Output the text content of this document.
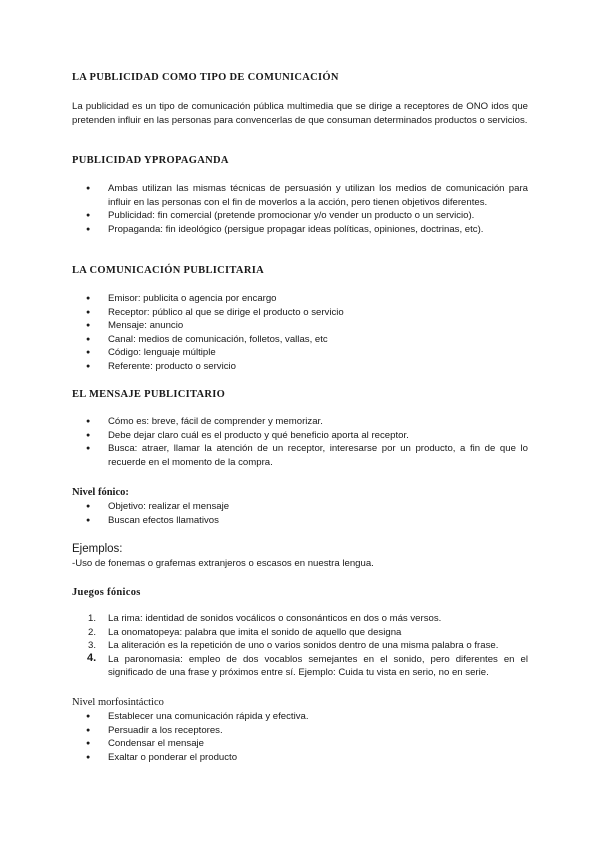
LA PUBLICIDAD COMO TIPO DE COMUNICACIÓN

La publicidad es un tipo de comunicación pública multimedia que se dirige a receptores de ONO idos que pretenden influir en las personas para convencerlas de que consuman determinados productos o servicios.

PUBLICIDAD YPROPAGANDA
● Ambas utilizan las mismas técnicas de persuasión y utilizan los medios de comunicación para influir en las personas con el fin de moverlos a la acción, pero tienen objetivos diferentes.
● Publicidad: fin comercial (pretende promocionar y/o vender un producto o un servicio).
● Propaganda: fin ideológico (persigue propagar ideas políticas, opiniones, doctrinas, etc).
LA COMUNICACIÓN PUBLICITARIA
● Emisor: publicita o agencia por encargo
● Receptor: público al que se dirige el producto o servicio
● Mensaje: anuncio
● Canal: medios de comunicación, folletos, vallas, etc
● Código: lenguaje múltiple
● Referente: producto o servicio
EL MENSAJE PUBLICITARIO
● Cómo es: breve, fácil de comprender y memorizar.
● Debe dejar claro cuál es el producto y qué beneficio aporta al receptor.
● Busca: atraer, llamar la atención de un receptor, interesarse por un producto, a fin de que lo recuerde en el momento de la compra.
Nivel fónico:
● Objetivo: realizar el mensaje
● Buscan efectos llamativos
Ejemplos:
-Uso de fonemas o grafemas extranjeros o escasos en nuestra lengua.
Juegos fónicos
1. La rima: identidad de sonidos vocálicos o consonánticos en dos o más versos.
2. La onomatopeya: palabra que imita el sonido de aquello que designa
3. La aliteración es la repetición de uno o varios sonidos dentro de una misma palabra o frase.
4. La paronomasia: empleo de dos vocablos semejantes en el sonido, pero diferentes en el significado de una frase y próximos entre sí. Ejemplo: Cuida tu vista en serio, no en serie.
Nivel morfosintáctico
● Establecer una comunicación rápida y efectiva.
● Persuadir a los receptores.
● Condensar el mensaje
● Exaltar o ponderar el producto
